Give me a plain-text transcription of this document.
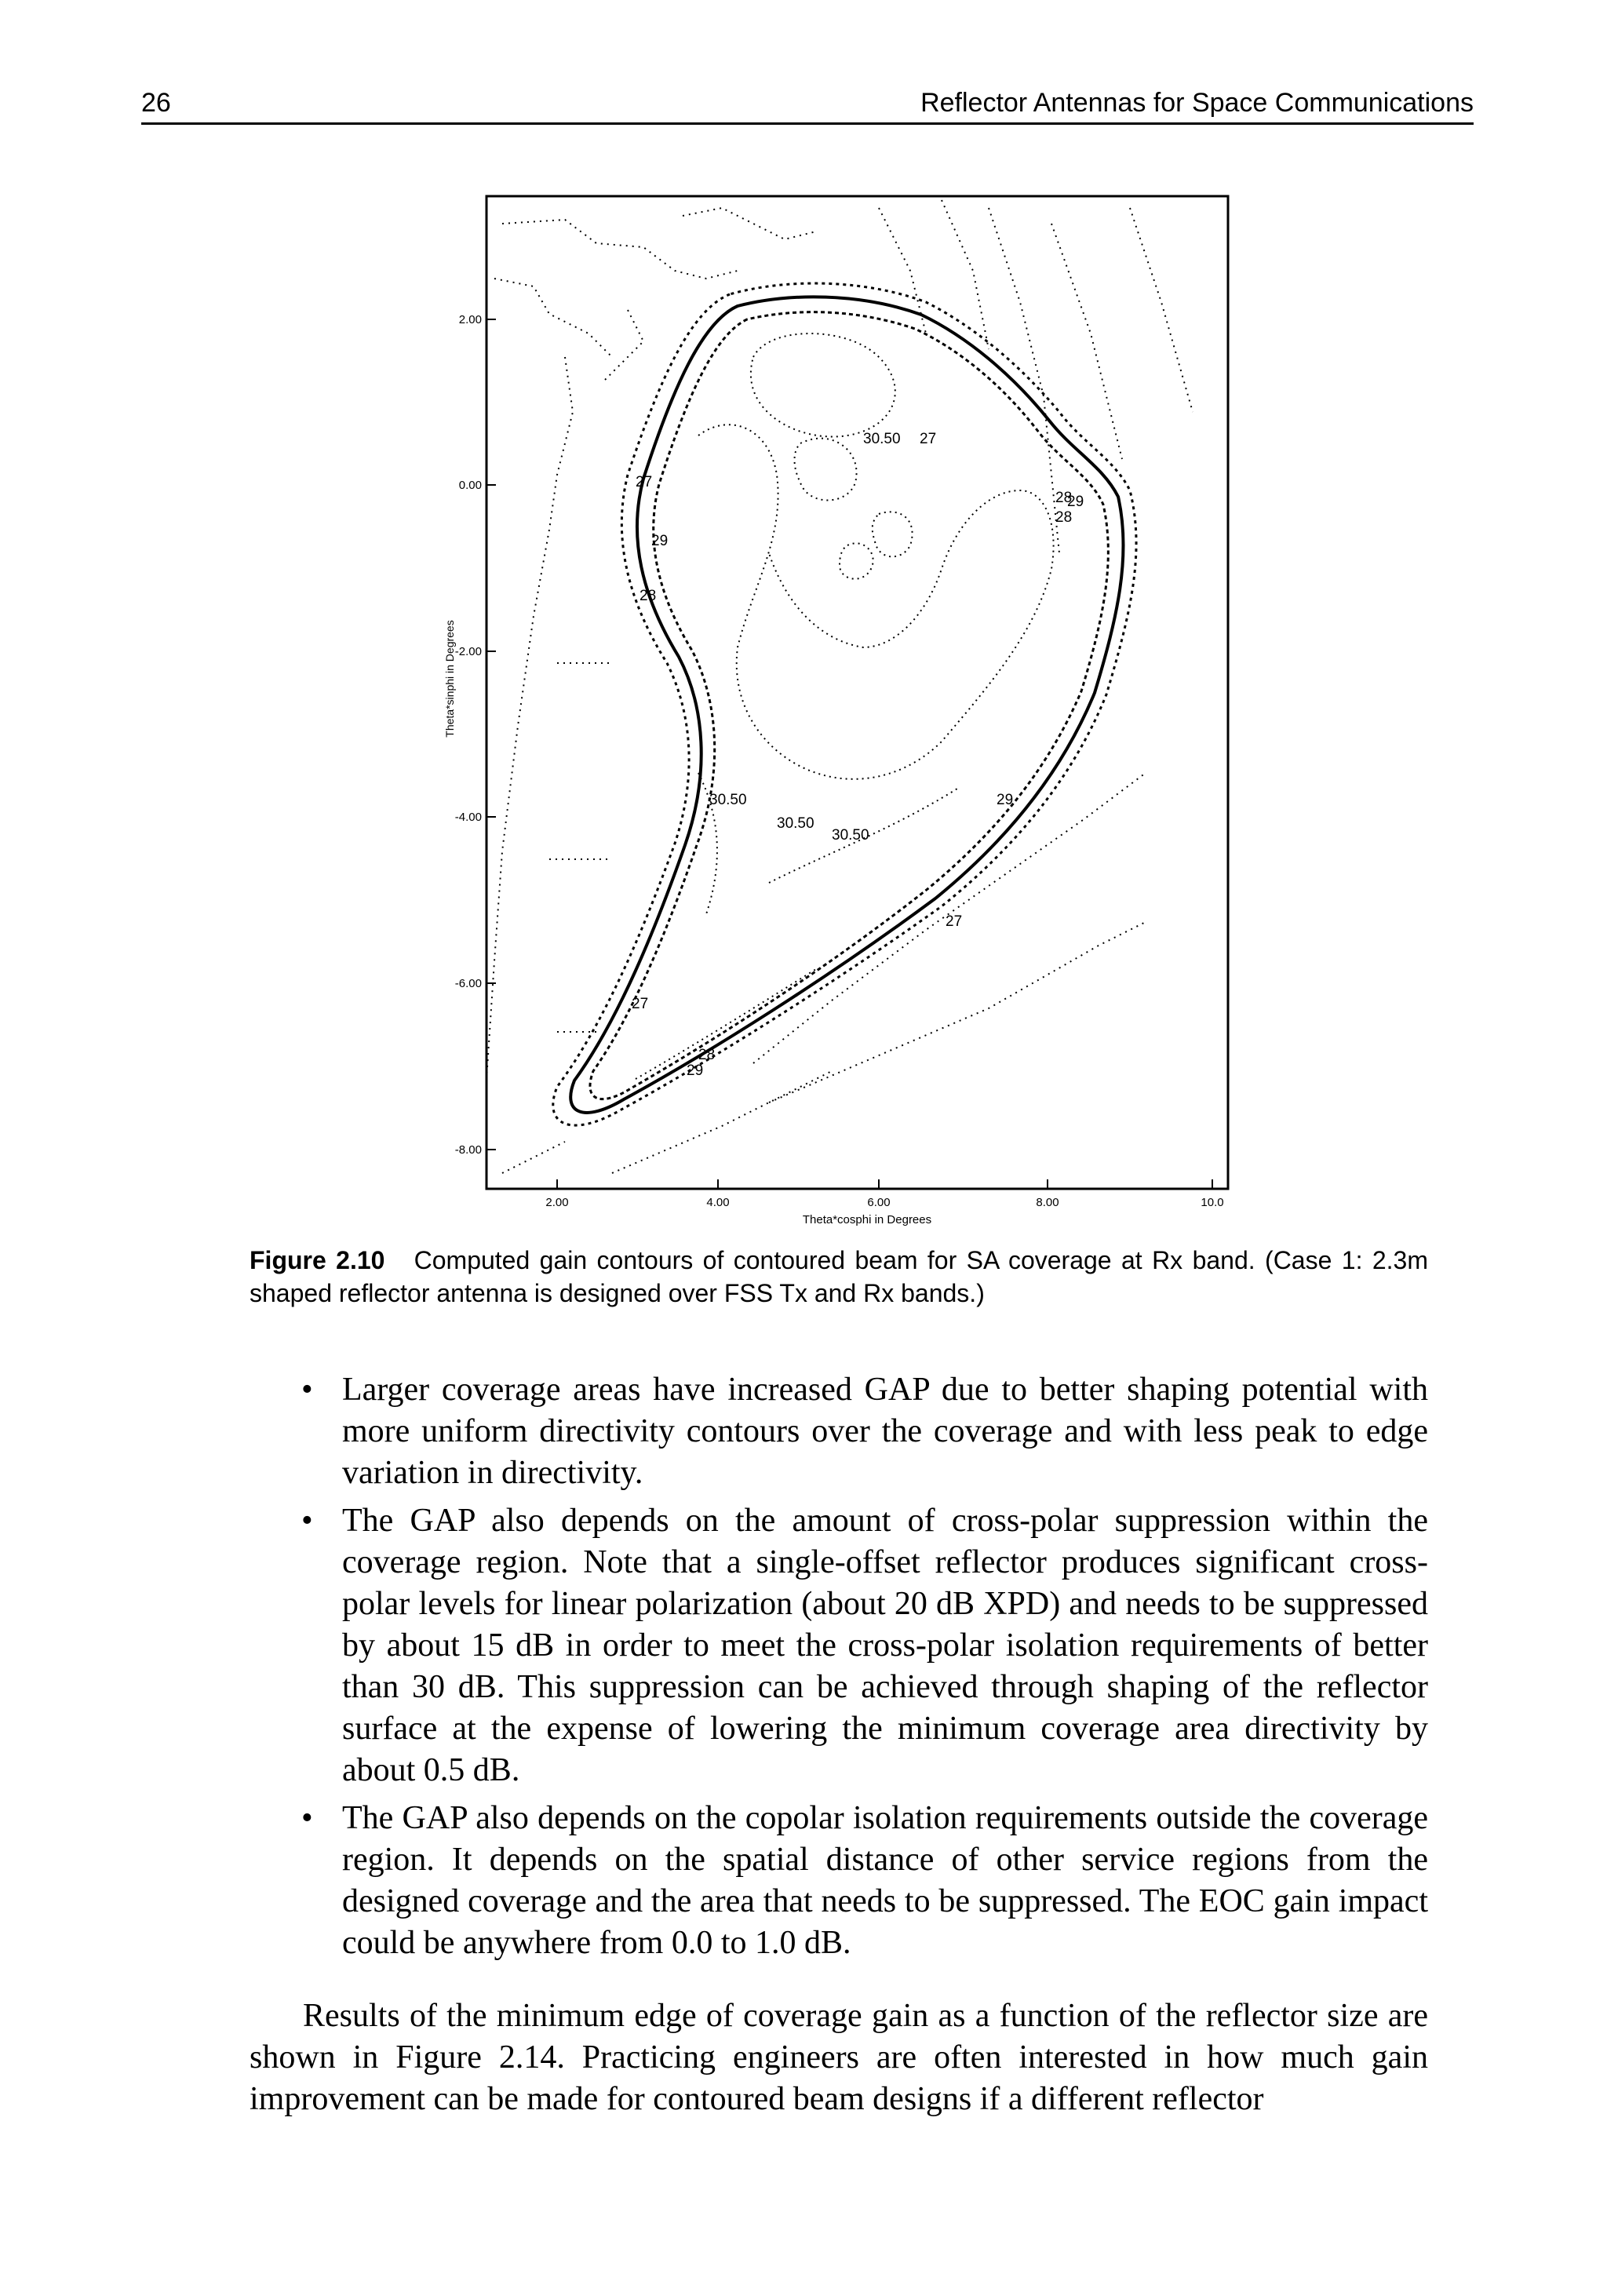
26	Reflector Antennas for Space Communications
2.00	4.00	6.00	8.00	10.0
2.00
0.00
-2.00
-4.00
-6.00
-8.00
Theta*cosphi in Degrees
Theta*sinphi in Degrees
30.50
30.50
30.50
30.50
27
27
28
29
27
28
29
28
29
27
28
29
Figure 2.10 Computed gain contours of contoured beam for SA coverage at Rx band. (Case 1: 2.3m shaped reflector antenna is designed over FSS Tx and Rx bands.)
• Larger coverage areas have increased GAP due to better shaping potential with more uniform directivity contours over the coverage and with less peak to edge variation in directivity.
• The GAP also depends on the amount of cross-polar suppression within the coverage region. Note that a single-offset reflector produces significant cross-polar levels for linear polarization (about 20 dB XPD) and needs to be suppressed by about 15 dB in order to meet the cross-polar isolation requirements of better than 30 dB. This suppression can be achieved through shaping of the reflector surface at the expense of lowering the minimum coverage area directivity by about 0.5 dB.
• The GAP also depends on the copolar isolation requirements outside the coverage region. It depends on the spatial distance of other service regions from the designed coverage and the area that needs to be suppressed. The EOC gain impact could be anywhere from 0.0 to 1.0 dB.

Results of the minimum edge of coverage gain as a function of the reflector size are shown in Figure 2.14. Practicing engineers are often interested in how much gain improvement can be made for contoured beam designs if a different reflector
